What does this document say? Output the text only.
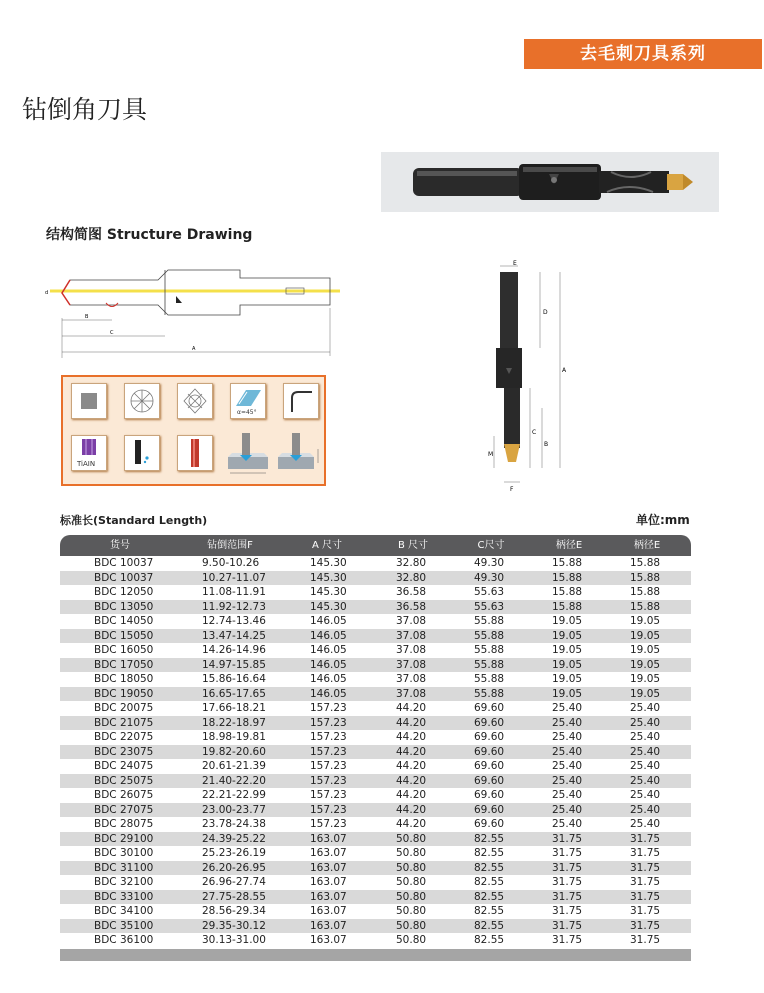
去毛刺刀具系列
钻倒角刀具
结构简图 Structure Drawing
B
C
A
d
α=45°
TiAIN
E
D
A
C
B
M
F
标准长(Standard Length)	单位:mm
货号	钻倒范围F	A 尺寸	B 尺寸	C尺寸	柄径E	柄径E
BDC 10037	9.50-10.26	145.30	32.80	49.30	15.88	15.88
BDC 10037	10.27-11.07	145.30	32.80	49.30	15.88	15.88
BDC 12050	11.08-11.91	145.30	36.58	55.63	15.88	15.88
BDC 13050	11.92-12.73	145.30	36.58	55.63	15.88	15.88
BDC 14050	12.74-13.46	146.05	37.08	55.88	19.05	19.05
BDC 15050	13.47-14.25	146.05	37.08	55.88	19.05	19.05
BDC 16050	14.26-14.96	146.05	37.08	55.88	19.05	19.05
BDC 17050	14.97-15.85	146.05	37.08	55.88	19.05	19.05
BDC 18050	15.86-16.64	146.05	37.08	55.88	19.05	19.05
BDC 19050	16.65-17.65	146.05	37.08	55.88	19.05	19.05
BDC 20075	17.66-18.21	157.23	44.20	69.60	25.40	25.40
BDC 21075	18.22-18.97	157.23	44.20	69.60	25.40	25.40
BDC 22075	18.98-19.81	157.23	44.20	69.60	25.40	25.40
BDC 23075	19.82-20.60	157.23	44.20	69.60	25.40	25.40
BDC 24075	20.61-21.39	157.23	44.20	69.60	25.40	25.40
BDC 25075	21.40-22.20	157.23	44.20	69.60	25.40	25.40
BDC 26075	22.21-22.99	157.23	44.20	69.60	25.40	25.40
BDC 27075	23.00-23.77	157.23	44.20	69.60	25.40	25.40
BDC 28075	23.78-24.38	157.23	44.20	69.60	25.40	25.40
BDC 29100	24.39-25.22	163.07	50.80	82.55	31.75	31.75
BDC 30100	25.23-26.19	163.07	50.80	82.55	31.75	31.75
BDC 31100	26.20-26.95	163.07	50.80	82.55	31.75	31.75
BDC 32100	26.96-27.74	163.07	50.80	82.55	31.75	31.75
BDC 33100	27.75-28.55	163.07	50.80	82.55	31.75	31.75
BDC 34100	28.56-29.34	163.07	50.80	82.55	31.75	31.75
BDC 35100	29.35-30.12	163.07	50.80	82.55	31.75	31.75
BDC 36100	30.13-31.00	163.07	50.80	82.55	31.75	31.75
